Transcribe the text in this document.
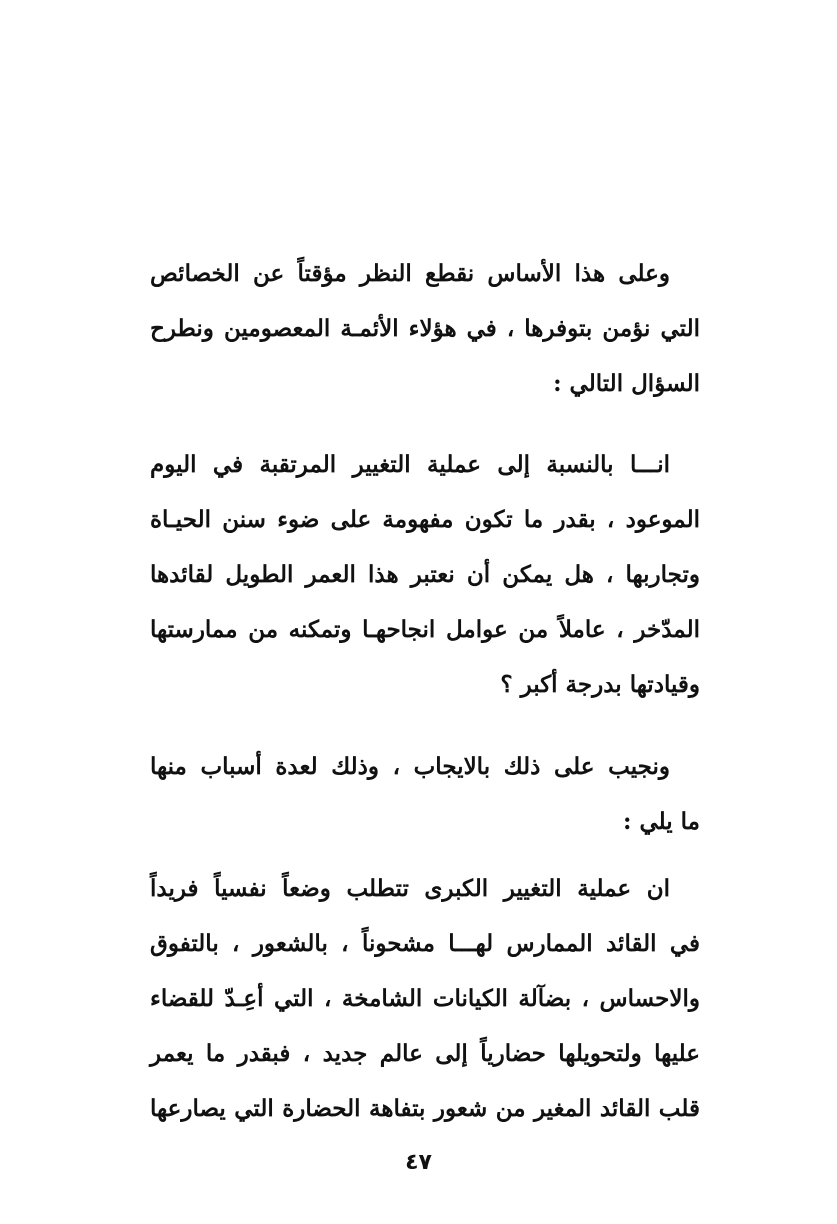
وعلى هذا الأساس نقطع النظر مؤقتاً عن الخصائص
التي نؤمن بتوفرها ، في هؤلاء الأئمـة المعصومين ونطرح
السؤال التالي :
انـــا بالنسبة إلى عملية التغيير المرتقبة في اليوم
الموعود ، بقدر ما تكون مفهومة على ضوء سنن الحيـاة
وتجاربها ، هل يمكن أن نعتبر هذا العمر الطويل لقائدها
المدّخر ، عاملاً من عوامل انجاحهـا وتمكنه من ممارستها
وقيادتها بدرجة أكبر ؟
ونجيب على ذلك بالايجاب ، وذلك لعدة أسباب منها
ما يلي :
ان عملية التغيير الكبرى تتطلب وضعاً نفسياً فريداً
في القائد الممارس لهـــا مشحوناً ، بالشعور ، بالتفوق
والاحساس ، بضآلة الكيانات الشامخة ، التي أعِـدّ للقضاء
عليها ولتحويلها حضارياً إلى عالم جديد ، فبقدر ما يعمر
قلب القائد المغير من شعور بتفاهة الحضارة التي يصارعها
٤٧
